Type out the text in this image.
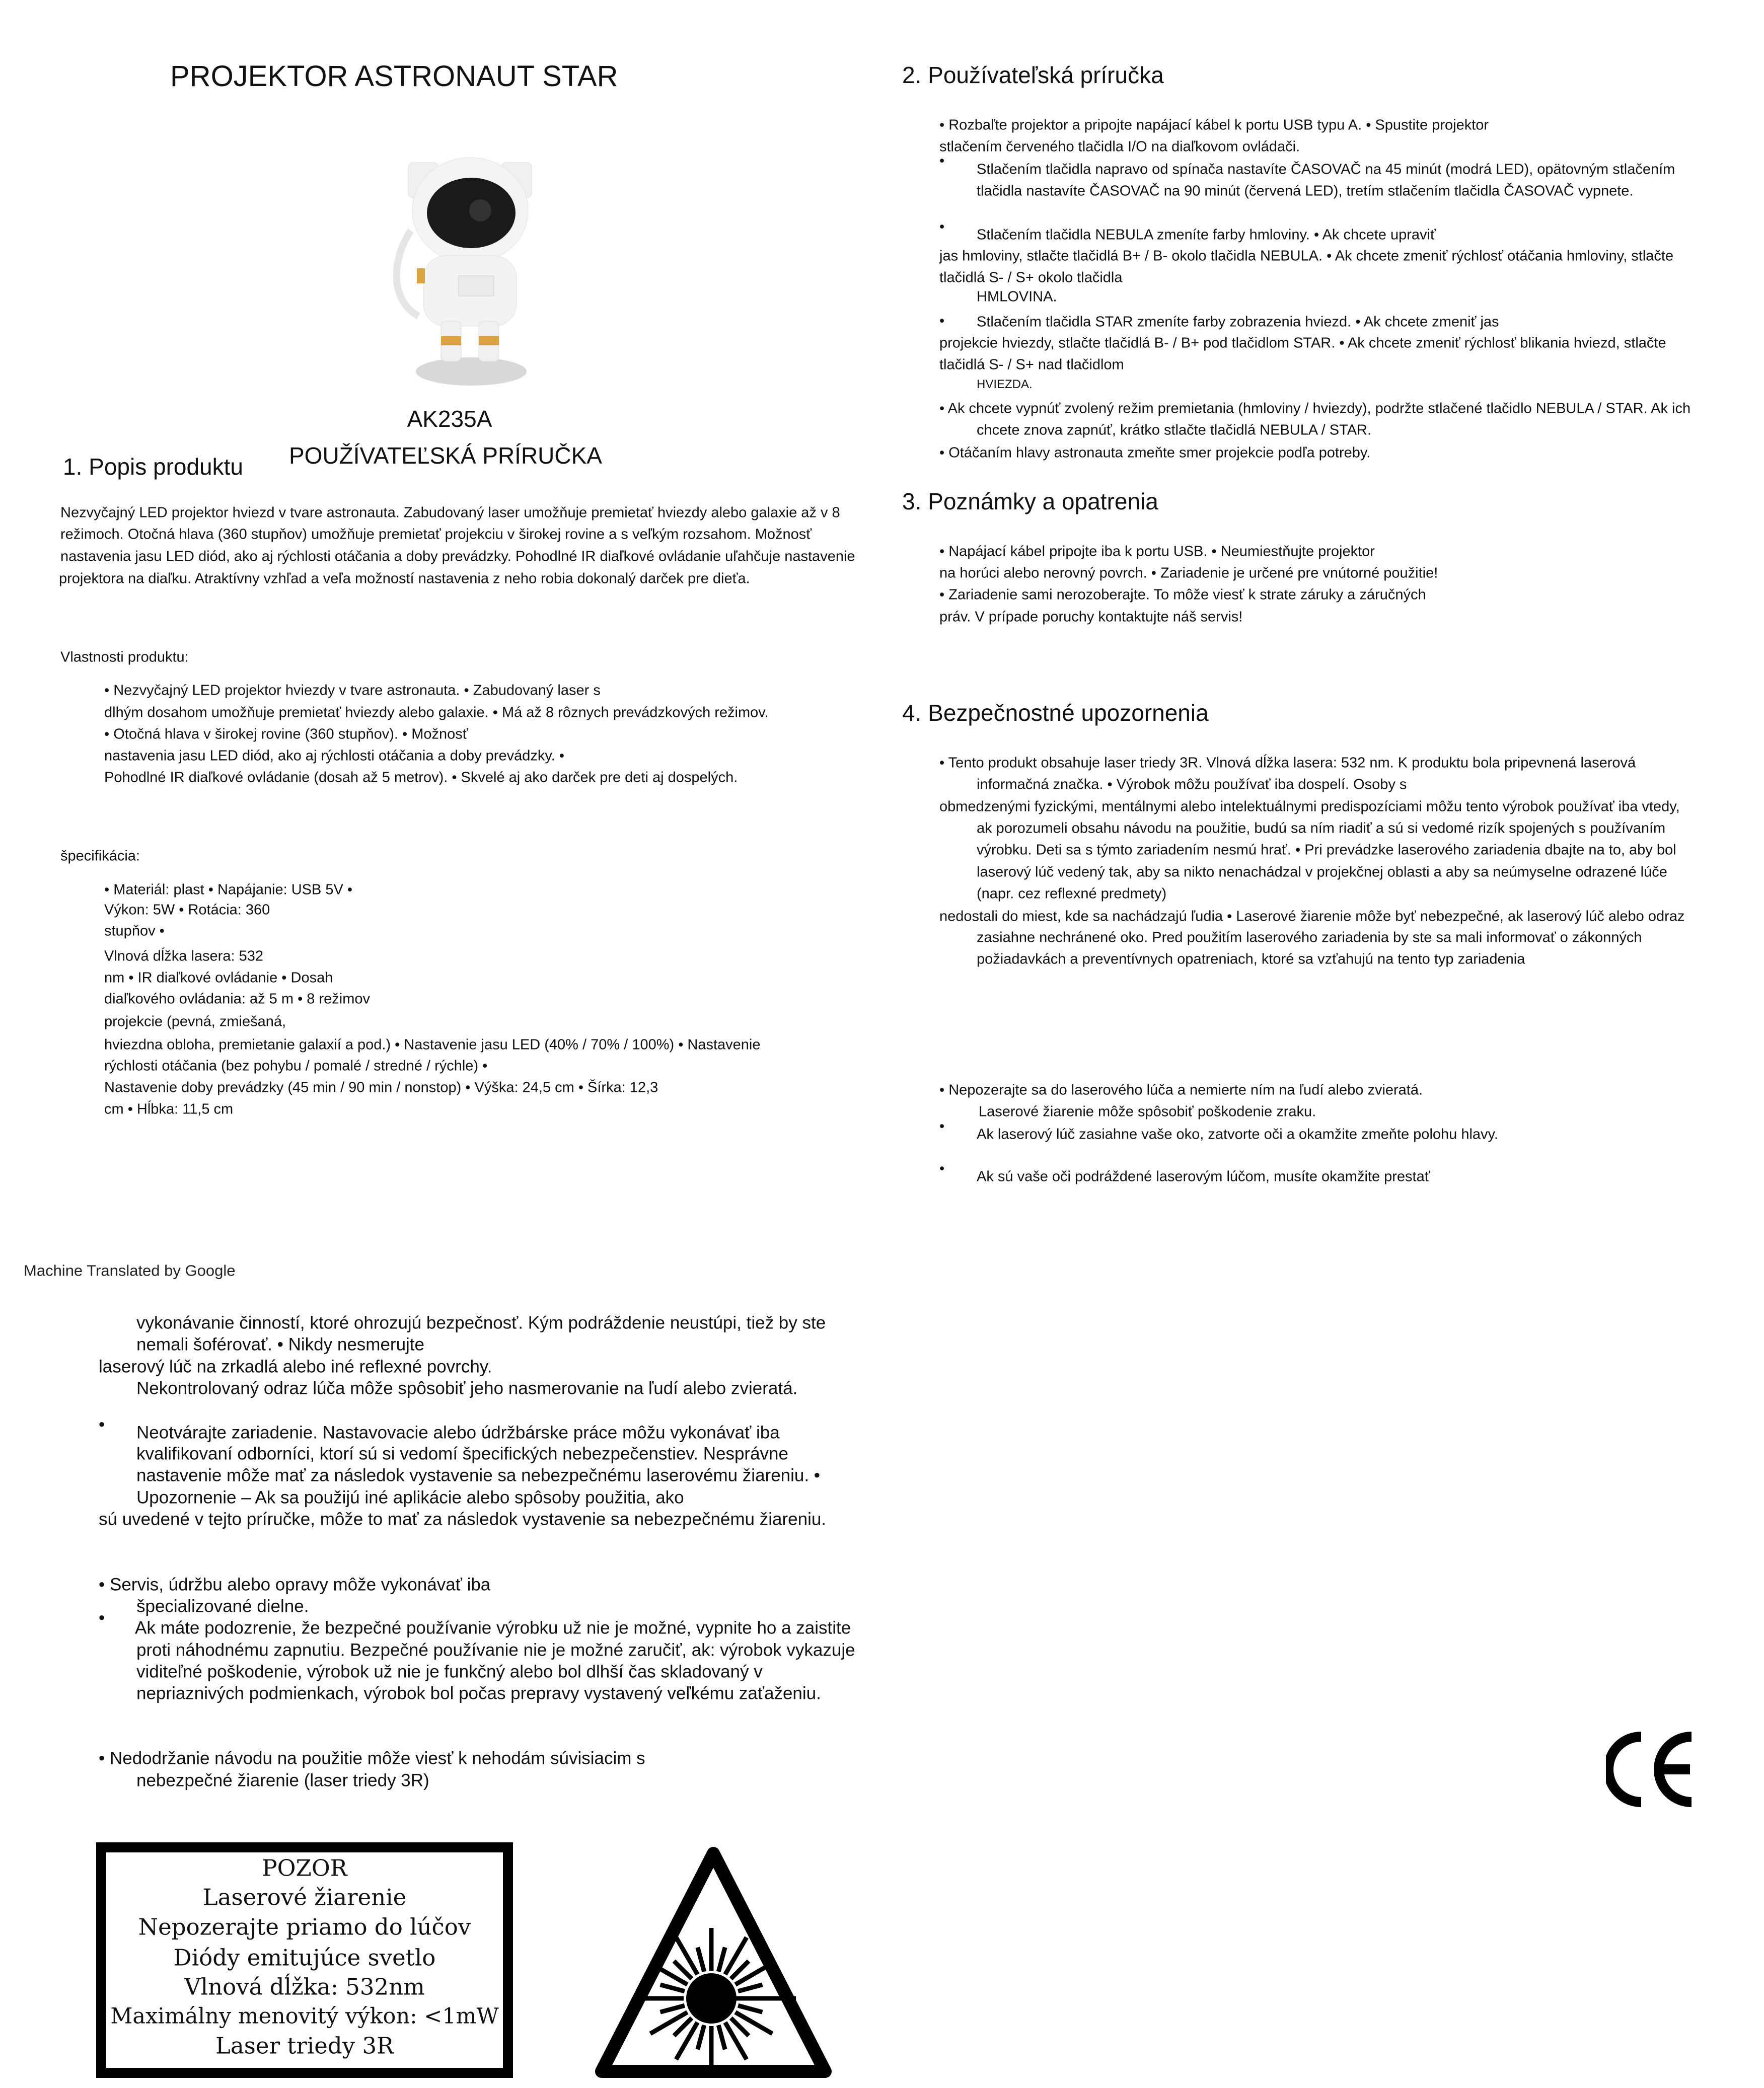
PROJEKTOR ASTRONAUT STAR
AK235A
POUŽÍVATEĽSKÁ PRÍRUČKA
1. Popis produktu
Nezvyčajný LED projektor hviezd v tvare astronauta. Zabudovaný laser umožňuje premietať hviezdy alebo galaxie až v 8
režimoch. Otočná hlava (360 stupňov) umožňuje premietať projekciu v širokej rovine a s veľkým rozsahom. Možnosť
nastavenia jasu LED diód, ako aj rýchlosti otáčania a doby prevádzky. Pohodlné IR diaľkové ovládanie uľahčuje nastavenie
projektora na diaľku. Atraktívny vzhľad a veľa možností nastavenia z neho robia dokonalý darček pre dieťa.
Vlastnosti produktu:
• Nezvyčajný LED projektor hviezdy v tvare astronauta. • Zabudovaný laser s
dlhým dosahom umožňuje premietať hviezdy alebo galaxie. • Má až 8 rôznych prevádzkových režimov.
• Otočná hlava v širokej rovine (360 stupňov). • Možnosť
nastavenia jasu LED diód, ako aj rýchlosti otáčania a doby prevádzky. •
Pohodlné IR diaľkové ovládanie (dosah až 5 metrov). • Skvelé aj ako darček pre deti aj dospelých.
špecifikácia:
• Materiál: plast • Napájanie: USB 5V •
Výkon: 5W • Rotácia: 360
stupňov •
Vlnová dĺžka lasera: 532
nm • IR diaľkové ovládanie • Dosah
diaľkového ovládania: až 5 m • 8 režimov
projekcie (pevná, zmiešaná,
hviezdna obloha, premietanie galaxií a pod.) • Nastavenie jasu LED (40% / 70% / 100%) • Nastavenie
rýchlosti otáčania (bez pohybu / pomalé / stredné / rýchle) •
Nastavenie doby prevádzky (45 min / 90 min / nonstop) • Výška: 24,5 cm • Šírka: 12,3
cm • Hĺbka: 11,5 cm
2. Používateľská príručka
• Rozbaľte projektor a pripojte napájací kábel k portu USB typu A. • Spustite projektor
stlačením červeného tlačidla I/O na diaľkovom ovládači.
•
Stlačením tlačidla napravo od spínača nastavíte ČASOVAČ na 45 minút (modrá LED), opätovným stlačením
tlačidla nastavíte ČASOVAČ na 90 minút (červená LED), tretím stlačením tlačidla ČASOVAČ vypnete.
• Stlačením tlačidla NEBULA zmeníte farby hmloviny. • Ak chcete upraviť
jas hmloviny, stlačte tlačidlá B+ / B- okolo tlačidla NEBULA. • Ak chcete zmeniť rýchlosť otáčania hmloviny, stlačte
tlačidlá S- / S+ okolo tlačidla
HMLOVINA.
• Stlačením tlačidla STAR zmeníte farby zobrazenia hviezd. • Ak chcete zmeniť jas
projekcie hviezdy, stlačte tlačidlá B- / B+ pod tlačidlom STAR. • Ak chcete zmeniť rýchlosť blikania hviezd, stlačte
tlačidlá S- / S+ nad tlačidlom
HVIEZDA.
• Ak chcete vypnúť zvolený režim premietania (hmloviny / hviezdy), podržte stlačené tlačidlo NEBULA / STAR. Ak ich
chcete znova zapnúť, krátko stlačte tlačidlá NEBULA / STAR.
• Otáčaním hlavy astronauta zmeňte smer projekcie podľa potreby.
3. Poznámky a opatrenia
• Napájací kábel pripojte iba k portu USB. • Neumiestňujte projektor
na horúci alebo nerovný povrch. • Zariadenie je určené pre vnútorné použitie!
• Zariadenie sami nerozoberajte. To môže viesť k strate záruky a záručných
práv. V prípade poruchy kontaktujte náš servis!
4. Bezpečnostné upozornenia
• Tento produkt obsahuje laser triedy 3R. Vlnová dĺžka lasera: 532 nm. K produktu bola pripevnená laserová
informačná značka. • Výrobok môžu používať iba dospelí. Osoby s
obmedzenými fyzickými, mentálnymi alebo intelektuálnymi predispozíciami môžu tento výrobok používať iba vtedy,
ak porozumeli obsahu návodu na použitie, budú sa ním riadiť a sú si vedomé rizík spojených s používaním
výrobku. Deti sa s týmto zariadením nesmú hrať. • Pri prevádzke laserového zariadenia dbajte na to, aby bol
laserový lúč vedený tak, aby sa nikto nenachádzal v projekčnej oblasti a aby sa neúmyselne odrazené lúče
(napr. cez reflexné predmety)
nedostali do miest, kde sa nachádzajú ľudia • Laserové žiarenie môže byť nebezpečné, ak laserový lúč alebo odraz
zasiahne nechránené oko. Pred použitím laserového zariadenia by ste sa mali informovať o zákonných
požiadavkách a preventívnych opatreniach, ktoré sa vzťahujú na tento typ zariadenia
• Nepozerajte sa do laserového lúča a nemierte ním na ľudí alebo zvieratá.
Laserové žiarenie môže spôsobiť poškodenie zraku.
• Ak laserový lúč zasiahne vaše oko, zatvorte oči a okamžite zmeňte polohu hlavy.
• Ak sú vaše oči podráždené laserovým lúčom, musíte okamžite prestať
Machine Translated by Google
vykonávanie činností, ktoré ohrozujú bezpečnosť. Kým podráždenie neustúpi, tiež by ste
nemali šoférovať. • Nikdy nesmerujte
laserový lúč na zrkadlá alebo iné reflexné povrchy.
Nekontrolovaný odraz lúča môže spôsobiť jeho nasmerovanie na ľudí alebo zvieratá.
• Neotvárajte zariadenie. Nastavovacie alebo údržbárske práce môžu vykonávať iba
kvalifikovaní odborníci, ktorí sú si vedomí špecifických nebezpečenstiev. Nesprávne
nastavenie môže mať za následok vystavenie sa nebezpečnému laserovému žiareniu. •
Upozornenie – Ak sa použijú iné aplikácie alebo spôsoby použitia, ako
sú uvedené v tejto príručke, môže to mať za následok vystavenie sa nebezpečnému žiareniu.
• Servis, údržbu alebo opravy môže vykonávať iba
špecializované dielne.
•
Ak máte podozrenie, že bezpečné používanie výrobku už nie je možné, vypnite ho a zaistite
proti náhodnému zapnutiu. Bezpečné používanie nie je možné zaručiť, ak: výrobok vykazuje
viditeľné poškodenie, výrobok už nie je funkčný alebo bol dlhší čas skladovaný v
nepriaznivých podmienkach, výrobok bol počas prepravy vystavený veľkému zaťaženiu.
• Nedodržanie návodu na použitie môže viesť k nehodám súvisiacim s
nebezpečné žiarenie (laser triedy 3R)
POZOR
Laserové žiarenie
Nepozerajte priamo do lúčov
Diódy emitujúce svetlo
Vlnová dĺžka: 532nm
Maximálny menovitý výkon: <1mW
Laser triedy 3R
